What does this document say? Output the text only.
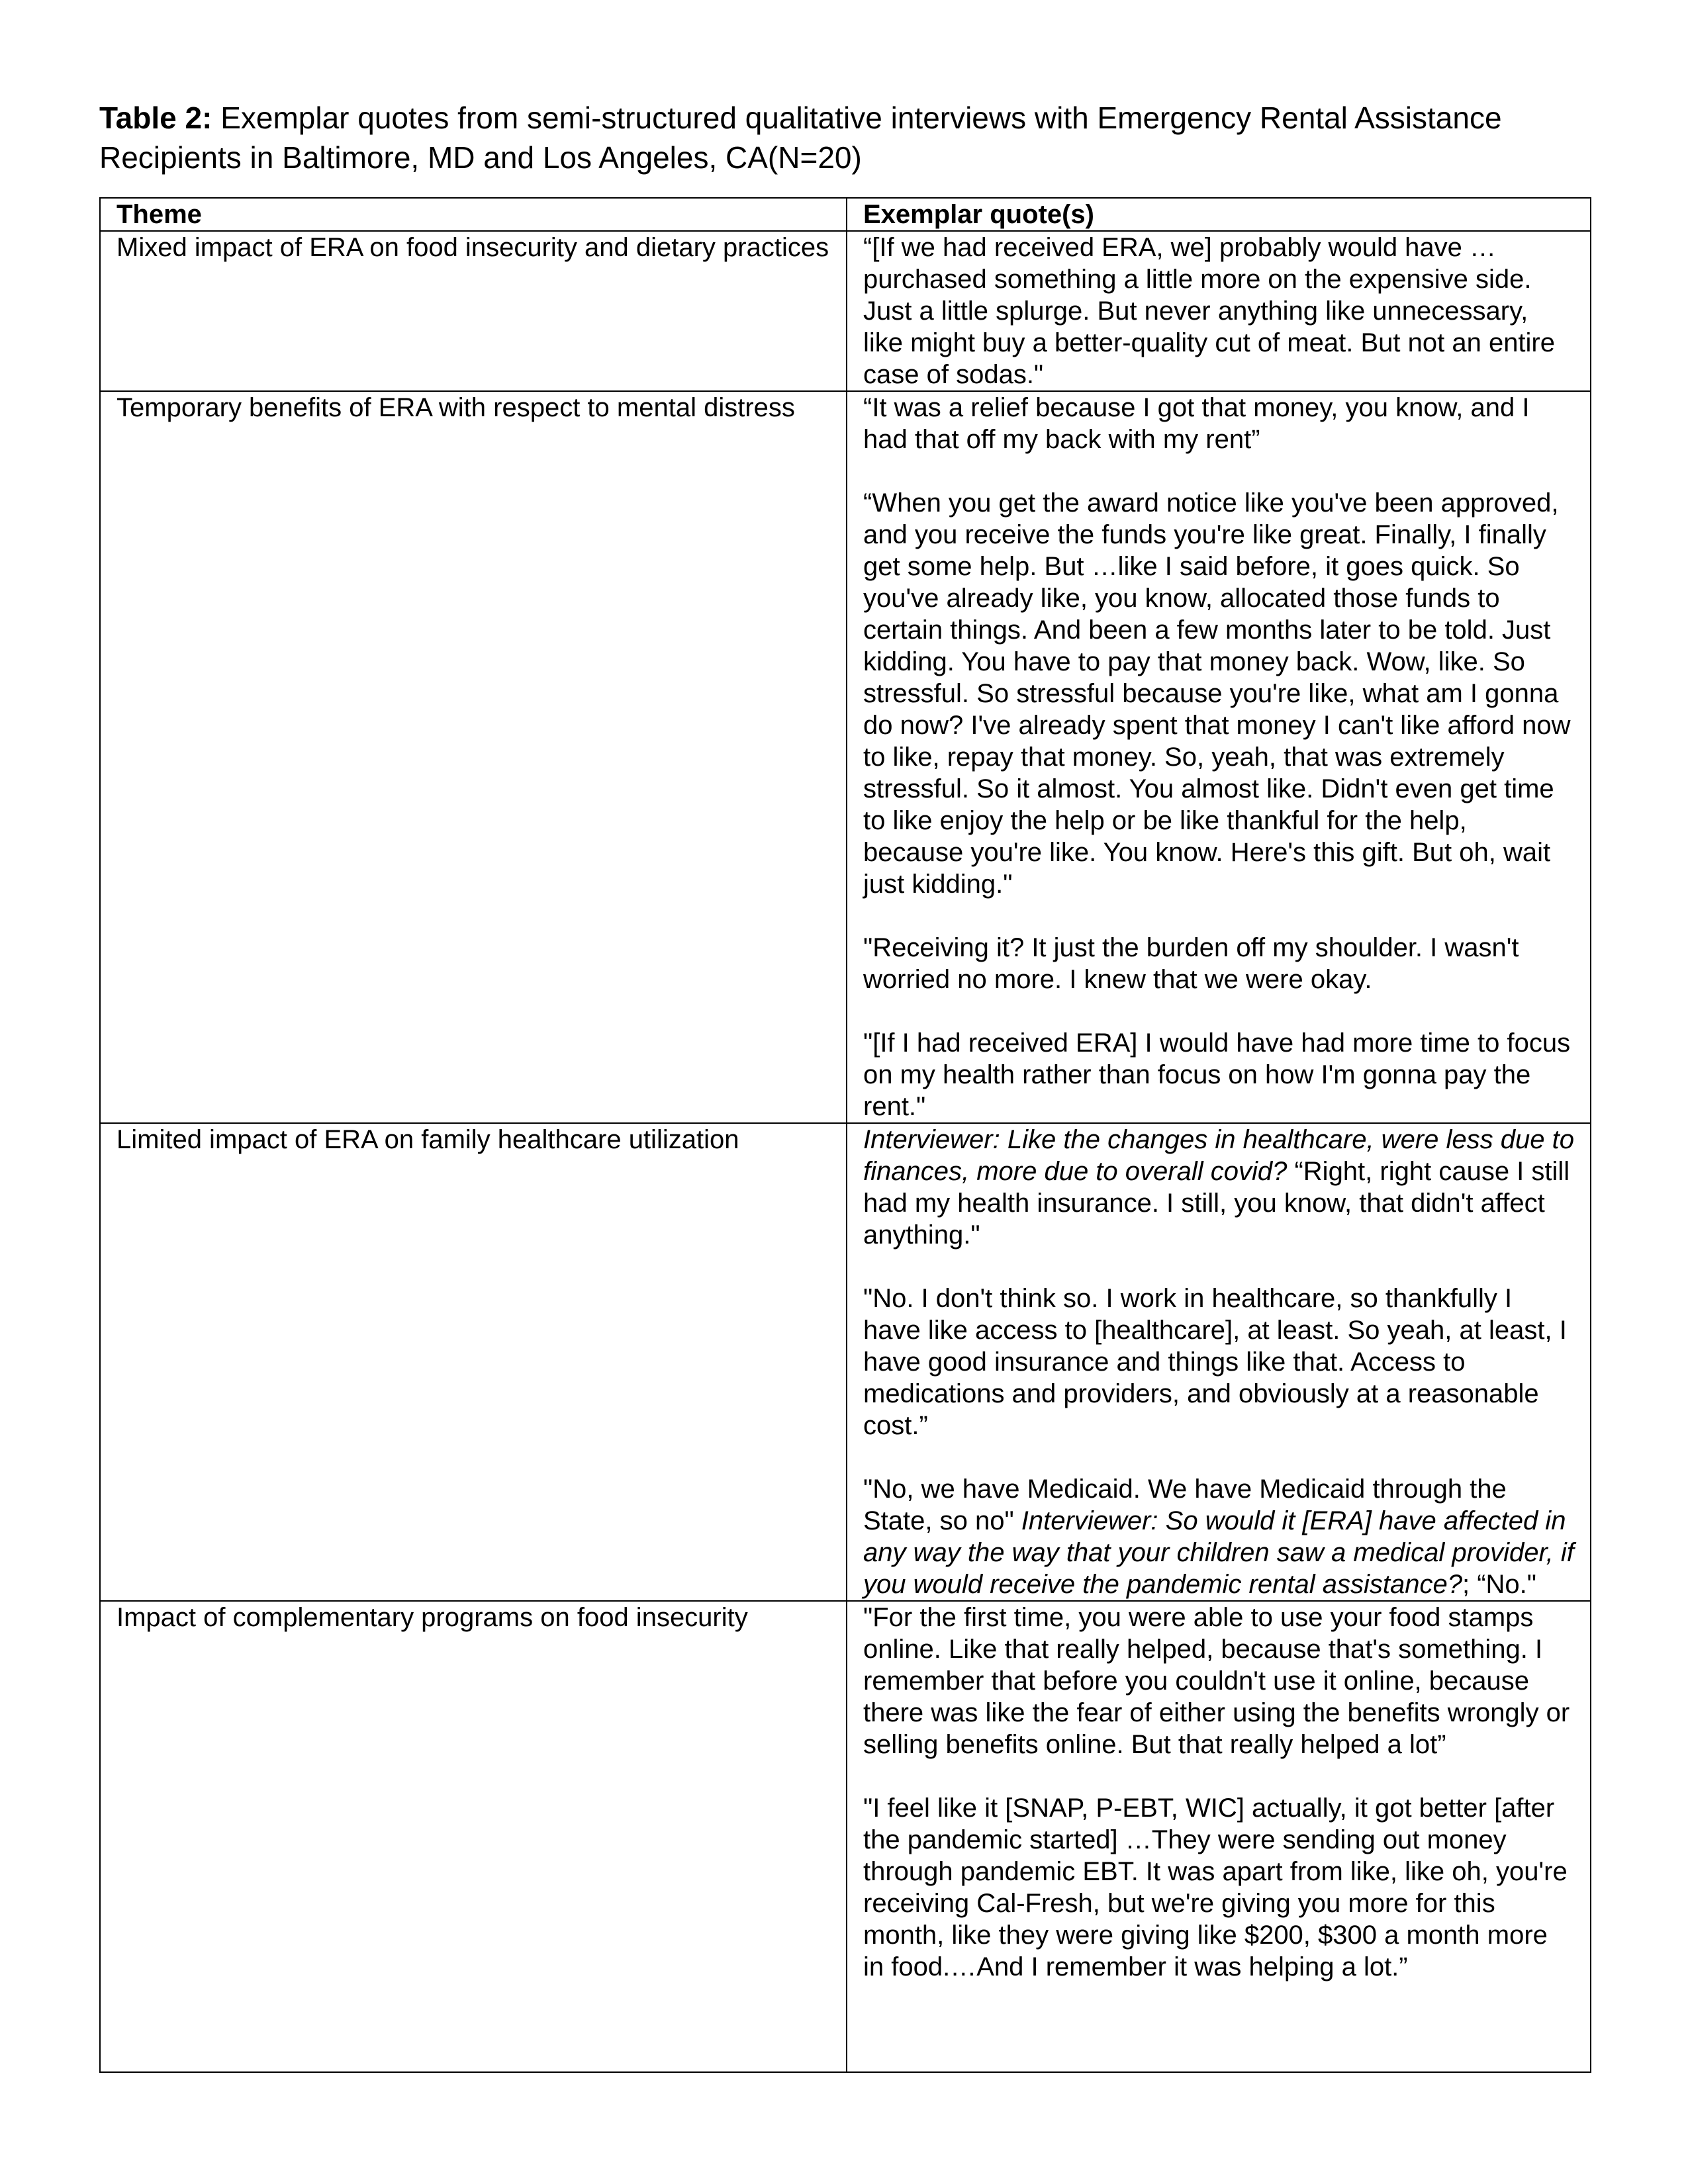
Table 2: Exemplar quotes from semi-structured qualitative interviews with Emergency Rental Assistance Recipients in Baltimore, MD and Los Angeles, CA(N=20)
Theme	Exemplar quote(s)
Mixed impact of ERA on food insecurity and dietary practices	“[If we had received ERA, we] probably would have … purchased something a little more on the expensive side. Just a little splurge. But never anything like unnecessary, like might buy a better-quality cut of meat. But not an entire case of sodas."

Temporary benefits of ERA with respect to mental distress	“It was a relief because I got that money, you know, and I had that off my back with my rent”

“When you get the award notice like you've been approved, and you receive the funds you're like great. Finally, I finally get some help. But …like I said before, it goes quick. So you've already like, you know, allocated those funds to certain things. And been a few months later to be told. Just kidding. You have to pay that money back. Wow, like. So stressful. So stressful because you're like, what am I gonna do now? I've already spent that money I can't like afford now to like, repay that money. So, yeah, that was extremely stressful. So it almost. You almost like. Didn't even get time to like enjoy the help or be like thankful for the help, because you're like. You know. Here's this gift. But oh, wait just kidding."

"Receiving it? It just the burden off my shoulder. I wasn't worried no more. I knew that we were okay.

"[If I had received ERA] I would have had more time to focus on my health rather than focus on how I'm gonna pay the rent."

Limited impact of ERA on family healthcare utilization	Interviewer: Like the changes in healthcare, were less due to finances, more due to overall covid? “Right, right cause I still had my health insurance. I still, you know, that didn't affect anything."

"No. I don't think so. I work in healthcare, so thankfully I have like access to [healthcare], at least. So yeah, at least, I have good insurance and things like that. Access to medications and providers, and obviously at a reasonable cost.”

"No, we have Medicaid. We have Medicaid through the State, so no" Interviewer: So would it [ERA] have affected in any way the way that your children saw a medical provider, if you would receive the pandemic rental assistance?; “No."

Impact of complementary programs on food insecurity	"For the first time, you were able to use your food stamps online. Like that really helped, because that's something. I remember that before you couldn't use it online, because there was like the fear of either using the benefits wrongly or selling benefits online. But that really helped a lot”

"I feel like it [SNAP, P-EBT, WIC] actually, it got better [after the pandemic started] …They were sending out money through pandemic EBT. It was apart from like, like oh, you're receiving Cal-Fresh, but we're giving you more for this month, like they were giving like $200, $300 a month more in food.…And I remember it was helping a lot.”
